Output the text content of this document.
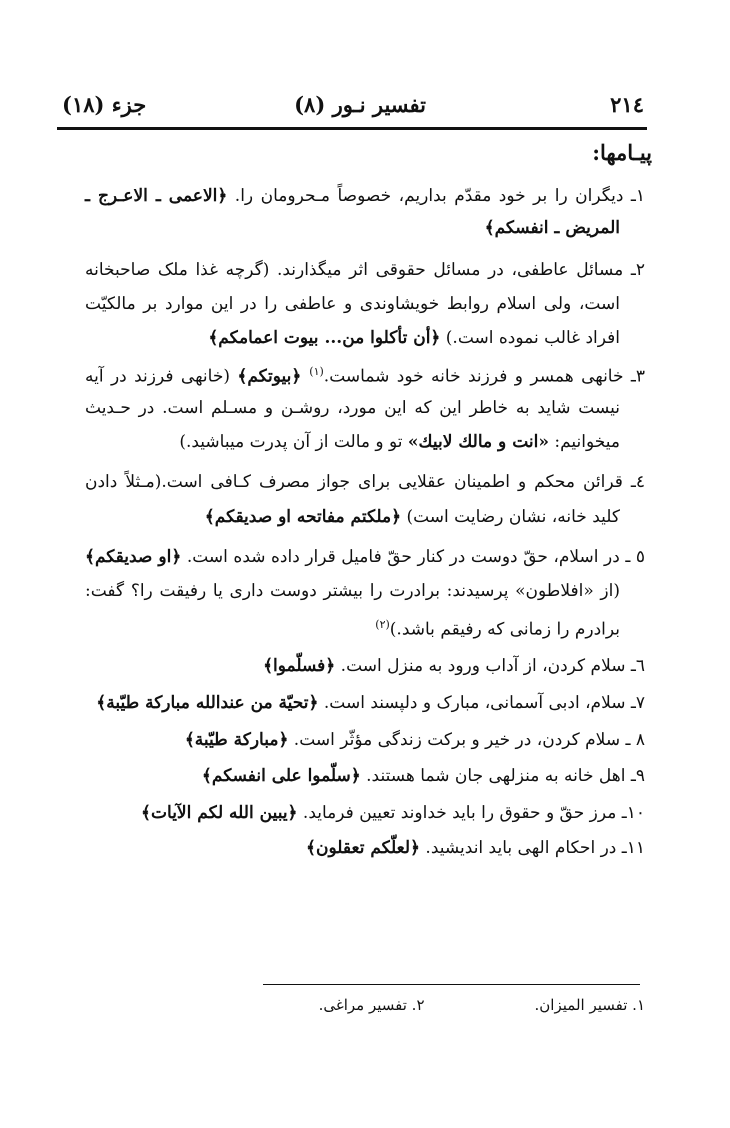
۲۱٤
تفسیر نـور (۸)
جزء (۱۸)
پیـامها:
۱ـ دیگران را بر خود مقدّم بداریم، خصوصاً مـحرومان را. ﴿الاعمی ـ الاعـرج ـ
المریض ـ انفسکم﴾
۲ـ مسائل عاطفی، در مسائل حقوقی اثر میگذارند. (گرچه غذا ملک صاحبخانه
است، ولی اسلام روابط خویشاوندی و عاطفی را در این موارد بر مالکیّت
افراد غالب نموده است.) ﴿أن تأکلوا من... بیوت اعمامکم﴾
۳ـ خانهی همسر و فرزند خانه خود شماست.$^{(۱)}$ ﴿بیوتکم﴾ (خانهی فرزند در آیه
نیست شاید به خاطر این که این مورد، روشـن و مسـلم است. در حـدیث
میخوانیم: «انت و مالك لابیك» تو و مالت از آن پدرت میباشید.)
٤ـ قرائن محکم و اطمینان عقلایی برای جواز مصرف کـافی است.(مـثلاً دادن
کلید خانه، نشان رضایت است) ﴿ملکتم مفاتحه او صدیقکم﴾
٥ ـ در اسلام، حقّ دوست در کنار حقّ فامیل قرار داده شده است. ﴿او صدیقکم﴾
(از «افلاطون» پرسیدند: برادرت را بیشتر دوست داری یا رفیقت را؟ گفت:
برادرم را زمانی که رفیقم باشد.)$^{(۲)}$
٦ـ سلام کردن، از آداب ورود به منزل است. ﴿فسلّموا﴾
۷ـ سلام، ادبی آسمانی، مبارک و دلپسند است. ﴿تحیّة من عندالله مبارکة طیّبة﴾
۸ ـ سلام کردن، در خیر و برکت زندگی مؤثّر است. ﴿مبارکة طیّبة﴾
۹ـ اهل خانه به منزلهی جان شما هستند. ﴿سلّموا علی انفسکم﴾
۱۰ـ مرز حقّ و حقوق را باید خداوند تعیین فرماید. ﴿یبین الله لکم الآیات﴾
۱۱ـ در احکام الهی باید اندیشید. ﴿لعلّکم تعقلون﴾
۱. تفسیر المیزان.۲. تفسیر مراغی.
